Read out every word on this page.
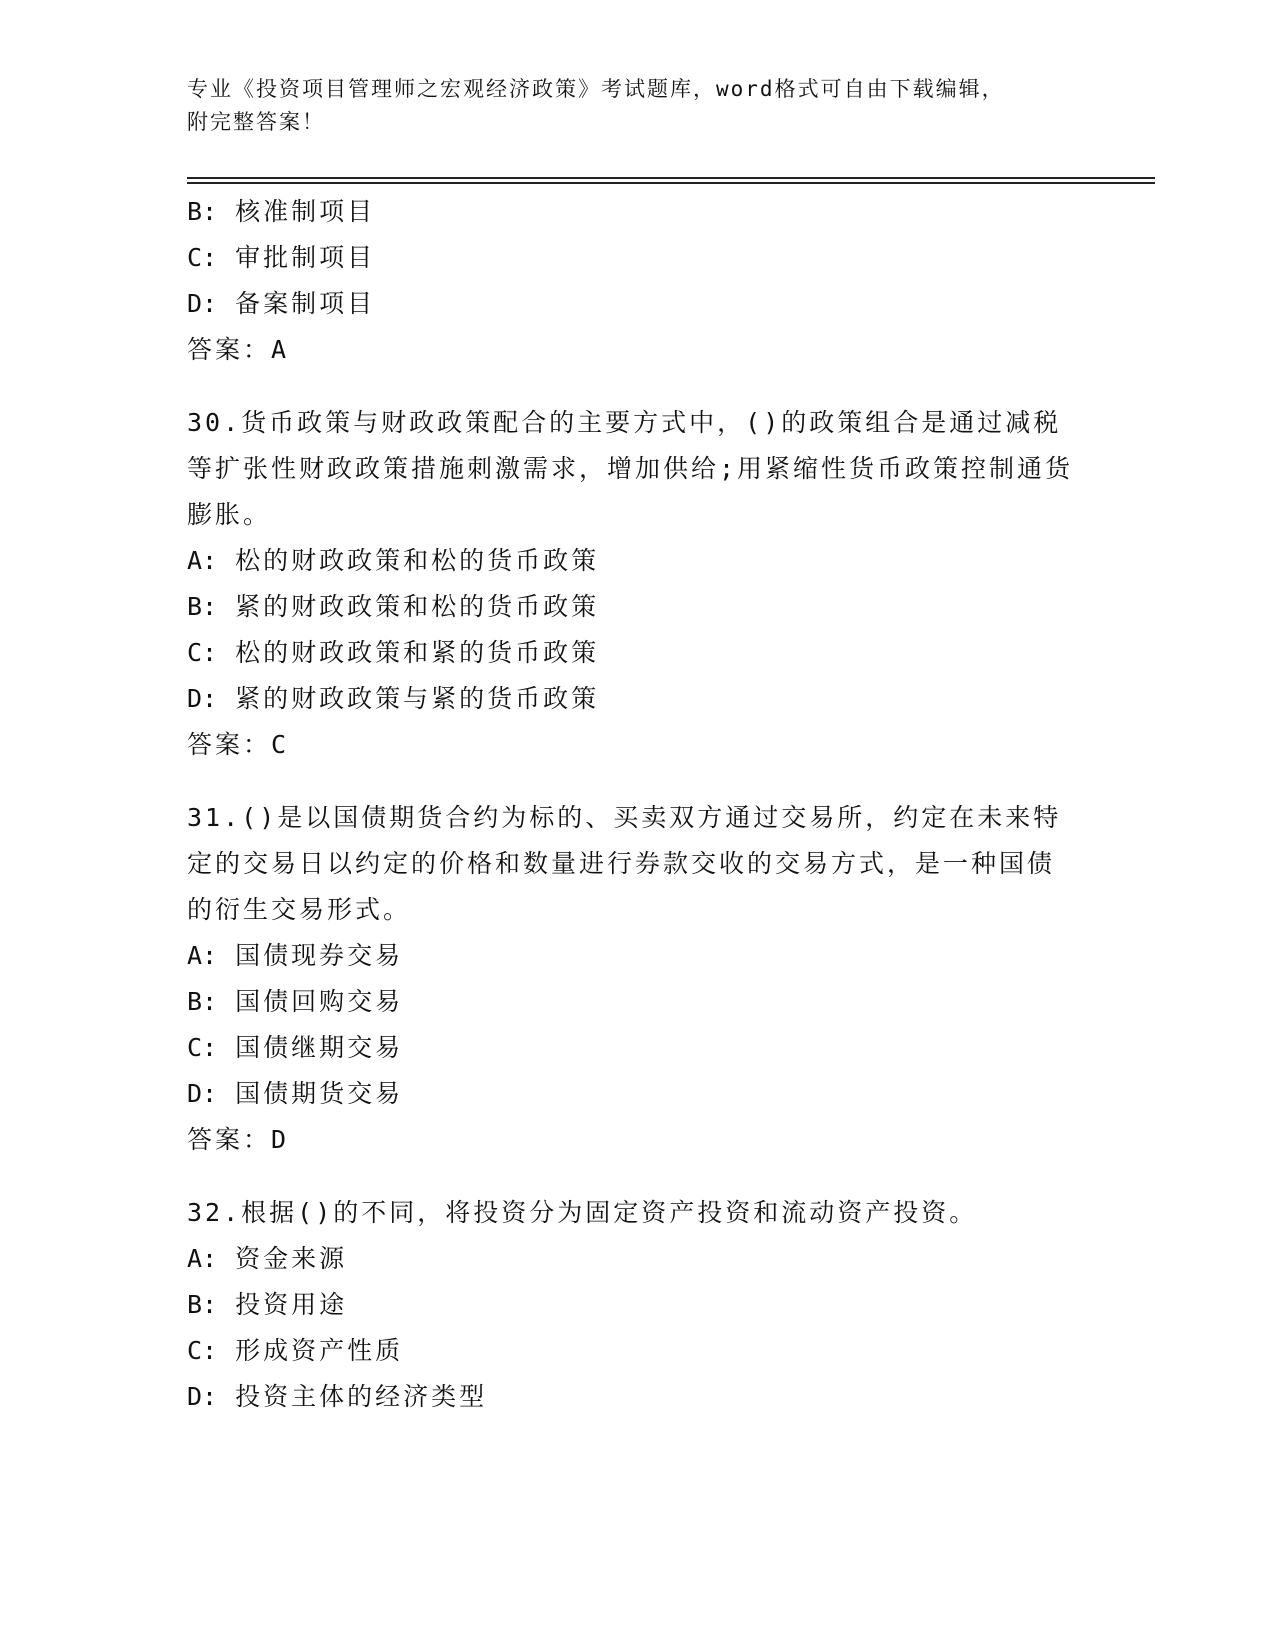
专业《投资项目管理师之宏观经济政策》考试题库，word格式可自由下载编辑，
附完整答案！
B: 核准制项目
C: 审批制项目
D: 备案制项目
答案：A
30.货币政策与财政政策配合的主要方式中，()的政策组合是通过减税等扩张性财政政策措施刺激需求，增加供给;用紧缩性货币政策控制通货膨胀。
A: 松的财政政策和松的货币政策
B: 紧的财政政策和松的货币政策
C: 松的财政政策和紧的货币政策
D: 紧的财政政策与紧的货币政策
答案：C
31.()是以国债期货合约为标的、买卖双方通过交易所，约定在未来特定的交易日以约定的价格和数量进行券款交收的交易方式，是一种国债的衍生交易形式。
A: 国债现券交易
B: 国债回购交易
C: 国债继期交易
D: 国债期货交易
答案：D
32.根据()的不同，将投资分为固定资产投资和流动资产投资。
A: 资金来源
B: 投资用途
C: 形成资产性质
D: 投资主体的经济类型
